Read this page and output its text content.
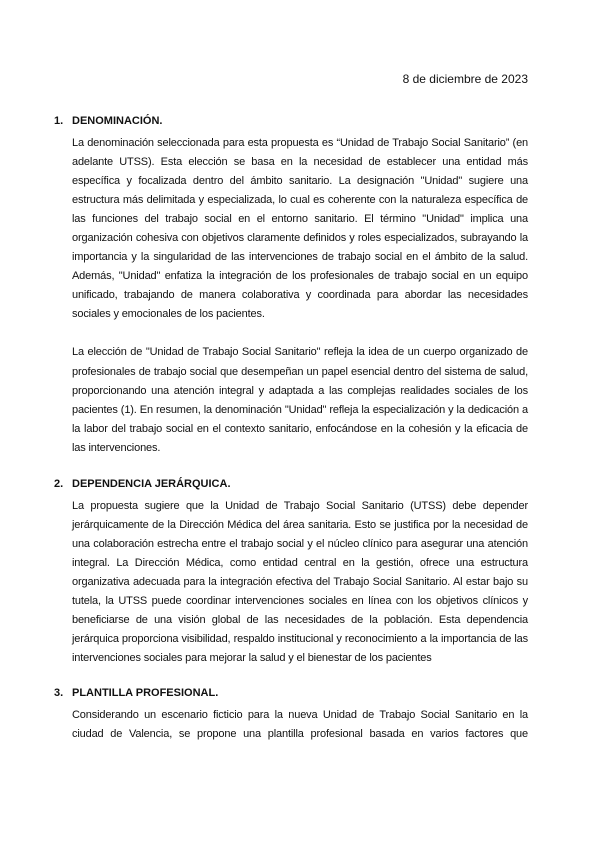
8 de diciembre de 2023
1. DENOMINACIÓN.

La denominación seleccionada para esta propuesta es “Unidad de Trabajo Social Sanitario” (en adelante UTSS). Esta elección se basa en la necesidad de establecer una entidad más específica y focalizada dentro del ámbito sanitario. La designación "Unidad" sugiere una estructura más delimitada y especializada, lo cual es coherente con la naturaleza específica de las funciones del trabajo social en el entorno sanitario. El término "Unidad" implica una organización cohesiva con objetivos claramente definidos y roles especializados, subrayando la importancia y la singularidad de las intervenciones de trabajo social en el ámbito de la salud. Además, "Unidad" enfatiza la integración de los profesionales de trabajo social en un equipo unificado, trabajando de manera colaborativa y coordinada para abordar las necesidades sociales y emocionales de los pacientes.

La elección de "Unidad de Trabajo Social Sanitario" refleja la idea de un cuerpo organizado de profesionales de trabajo social que desempeñan un papel esencial dentro del sistema de salud, proporcionando una atención integral y adaptada a las complejas realidades sociales de los pacientes (1). En resumen, la denominación "Unidad" refleja la especialización y la dedicación a la labor del trabajo social en el contexto sanitario, enfocándose en la cohesión y la eficacia de las intervenciones.

2. DEPENDENCIA JERÁRQUICA.

La propuesta sugiere que la Unidad de Trabajo Social Sanitario (UTSS) debe depender jerárquicamente de la Dirección Médica del área sanitaria. Esto se justifica por la necesidad de una colaboración estrecha entre el trabajo social y el núcleo clínico para asegurar una atención integral. La Dirección Médica, como entidad central en la gestión, ofrece una estructura organizativa adecuada para la integración efectiva del Trabajo Social Sanitario. Al estar bajo su tutela, la UTSS puede coordinar intervenciones sociales en línea con los objetivos clínicos y beneficiarse de una visión global de las necesidades de la población. Esta dependencia jerárquica proporciona visibilidad, respaldo institucional y reconocimiento a la importancia de las intervenciones sociales para mejorar la salud y el bienestar de los pacientes

3. PLANTILLA PROFESIONAL.

Considerando un escenario ficticio para la nueva Unidad de Trabajo Social Sanitario en la ciudad de Valencia, se propone una plantilla profesional basada en varios factores que
